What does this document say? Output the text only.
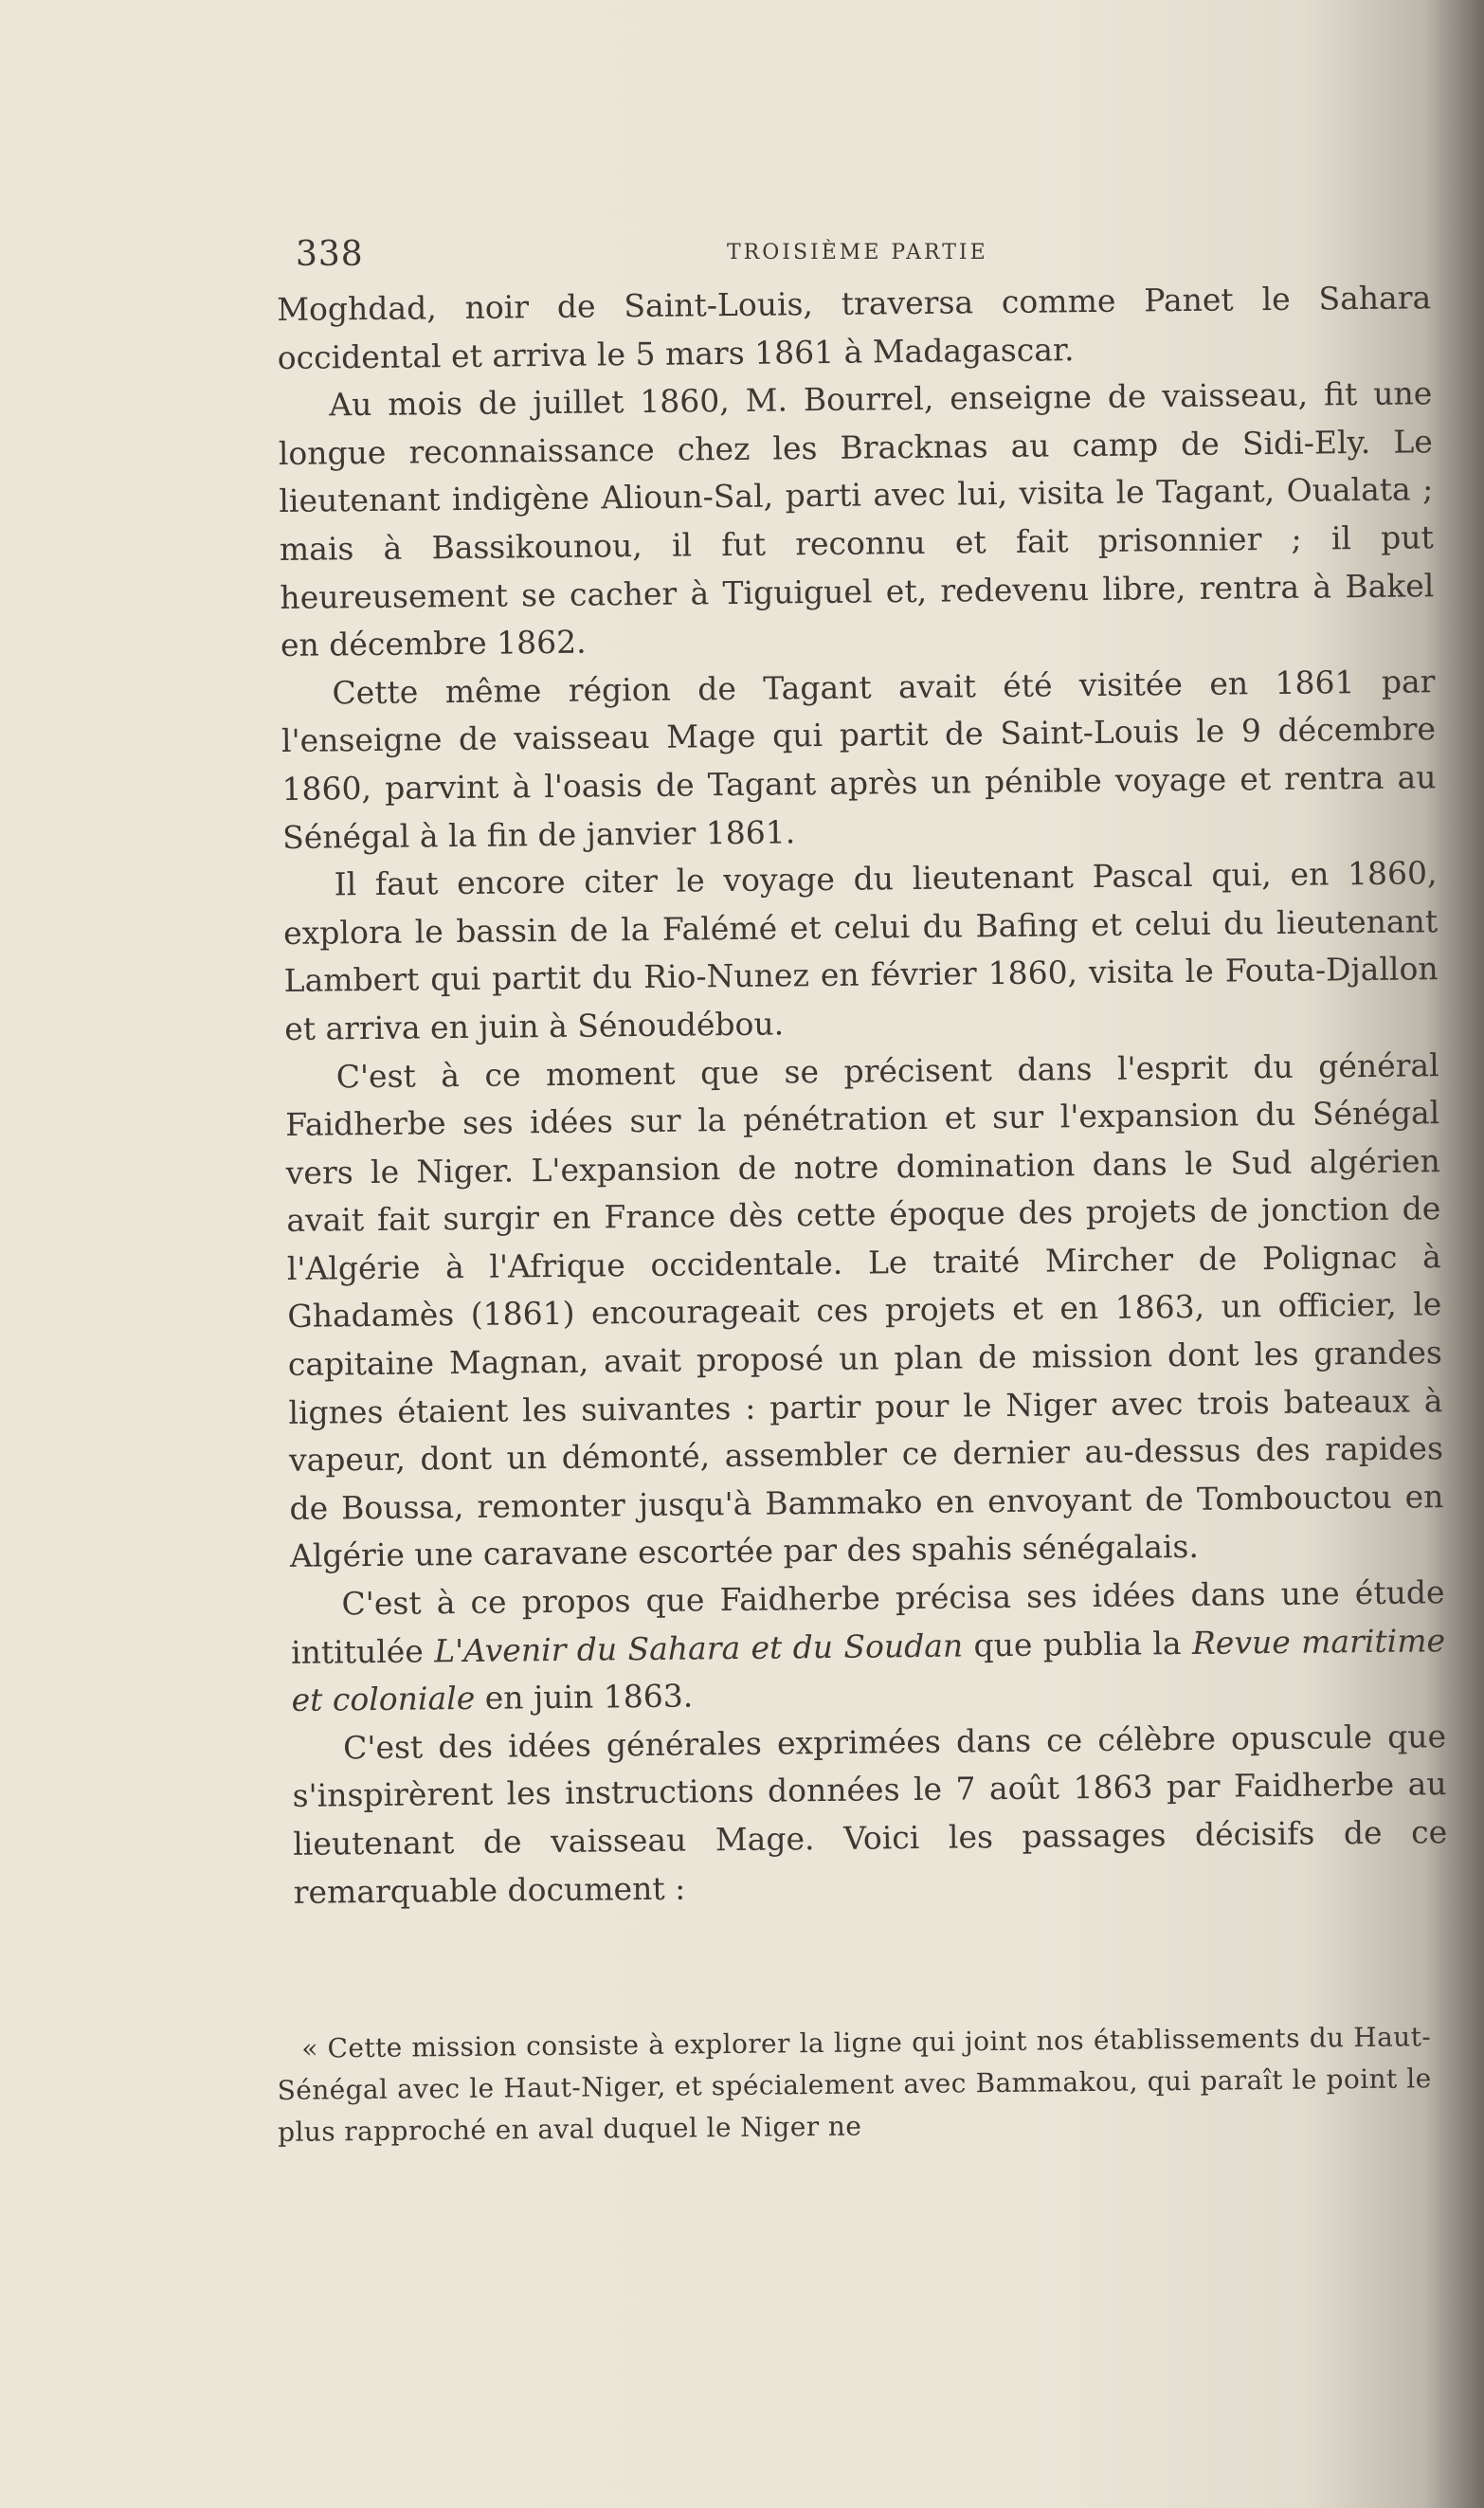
338	TROISIÈME PARTIE

Moghdad, noir de Saint-Louis, traversa comme Panet le Sahara occidental et arriva le 5 mars 1861 à Madagascar.

Au mois de juillet 1860, M. Bourrel, enseigne de vaisseau, fit une longue reconnaissance chez les Bracknas au camp de Sidi-Ely. Le lieutenant indigène Alioun-Sal, parti avec lui, visita le Tagant, Oualata ; mais à Bassikounou, il fut reconnu et fait prisonnier ; il put heureusement se cacher à Tiguiguel et, redevenu libre, rentra à Bakel en décembre 1862.

Cette même région de Tagant avait été visitée en 1861 par l'enseigne de vaisseau Mage qui partit de Saint-Louis le 9 décembre 1860, parvint à l'oasis de Tagant après un pénible voyage et rentra au Sénégal à la fin de janvier 1861.

Il faut encore citer le voyage du lieutenant Pascal qui, en 1860, explora le bassin de la Falémé et celui du Bafing et celui du lieutenant Lambert qui partit du Rio-Nunez en février 1860, visita le Fouta-Djallon et arriva en juin à Sénoudébou.

C'est à ce moment que se précisent dans l'esprit du général Faidherbe ses idées sur la pénétration et sur l'expansion du Sénégal vers le Niger. L'expansion de notre domination dans le Sud algérien avait fait surgir en France dès cette époque des projets de jonction de l'Algérie à l'Afrique occidentale. Le traité Mircher de Polignac à Ghadamès (1861) encourageait ces projets et en 1863, un officier, le capitaine Magnan, avait proposé un plan de mission dont les grandes lignes étaient les suivantes : partir pour le Niger avec trois bateaux à vapeur, dont un démonté, assembler ce dernier au-dessus des rapides de Boussa, remonter jusqu'à Bammako en envoyant de Tombouctou en Algérie une caravane escortée par des spahis sénégalais.

C'est à ce propos que Faidherbe précisa ses idées dans une étude intitulée L'Avenir du Sahara et du Soudan que publia la Revue maritime et coloniale en juin 1863.

C'est des idées générales exprimées dans ce célèbre opuscule que s'inspirèrent les instructions données le 7 août 1863 par Faidherbe au lieutenant de vaisseau Mage. Voici les passages décisifs de ce remarquable document :

« Cette mission consiste à explorer la ligne qui joint nos établissements du Haut-Sénégal avec le Haut-Niger, et spécialement avec Bammakou, qui paraît le point le plus rapproché en aval duquel le Niger ne
